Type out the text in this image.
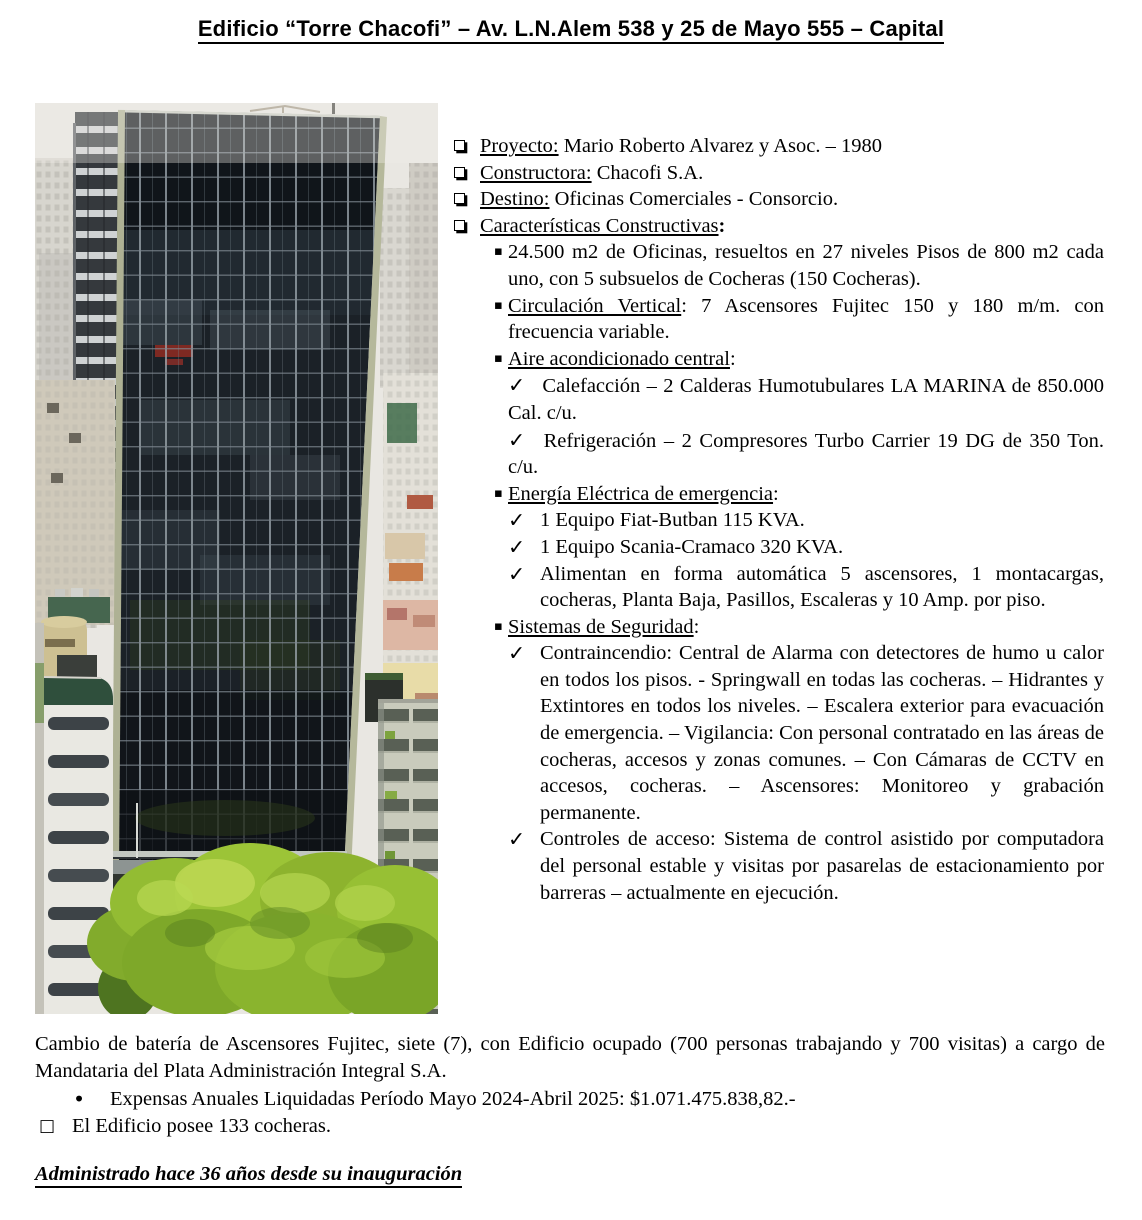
Edificio “Torre Chacofi” – Av. L.N.Alem 538 y 25 de Mayo 555 – Capital
Proyecto: Mario Roberto Alvarez y Asoc. – 1980
Constructora: Chacofi S.A.
Destino: Oficinas Comerciales - Consorcio.
Características Constructivas:
▪ 24.500 m2 de Oficinas, resueltos en 27 niveles Pisos de 800 m2 cada uno, con 5 subsuelos de Cocheras (150 Cocheras).
▪ Circulación Vertical: 7 Ascensores Fujitec 150 y 180 m/m. con frecuencia variable.
▪ Aire acondicionado central:
✓ Calefacción – 2 Calderas Humotubulares LA MARINA de 850.000 Cal. c/u.
✓ Refrigeración – 2 Compresores Turbo Carrier 19 DG de 350 Ton. c/u.
▪ Energía Eléctrica de emergencia:
✓ 1 Equipo Fiat-Butban 115 KVA.
✓ 1 Equipo Scania-Cramaco 320 KVA.
✓ Alimentan en forma automática 5 ascensores, 1 montacargas, cocheras, Planta Baja, Pasillos, Escaleras y 10 Amp. por piso.
▪ Sistemas de Seguridad:
✓ Contraincendio: Central de Alarma con detectores de humo u calor en todos los pisos. - Springwall en todas las cocheras. – Hidrantes y Extintores en todos los niveles. – Escalera exterior para evacuación de emergencia. – Vigilancia: Con personal contratado en las áreas de cocheras, accesos y zonas comunes. – Con Cámaras de CCTV en accesos, cocheras. – Ascensores: Monitoreo y grabación permanente.
✓ Controles de acceso: Sistema de control asistido por computadora del personal estable y visitas por pasarelas de estacionamiento por barreras – actualmente en ejecución.
Cambio de batería de Ascensores Fujitec, siete (7), con Edificio ocupado (700 personas trabajando y 700 visitas) a cargo de Mandataria del Plata Administración Integral S.A.
• Expensas Anuales Liquidadas Período Mayo 2024-Abril 2025: $1.071.475.838,82.-
□ El Edificio posee 133 cocheras.
Administrado hace 36 años desde su inauguración
